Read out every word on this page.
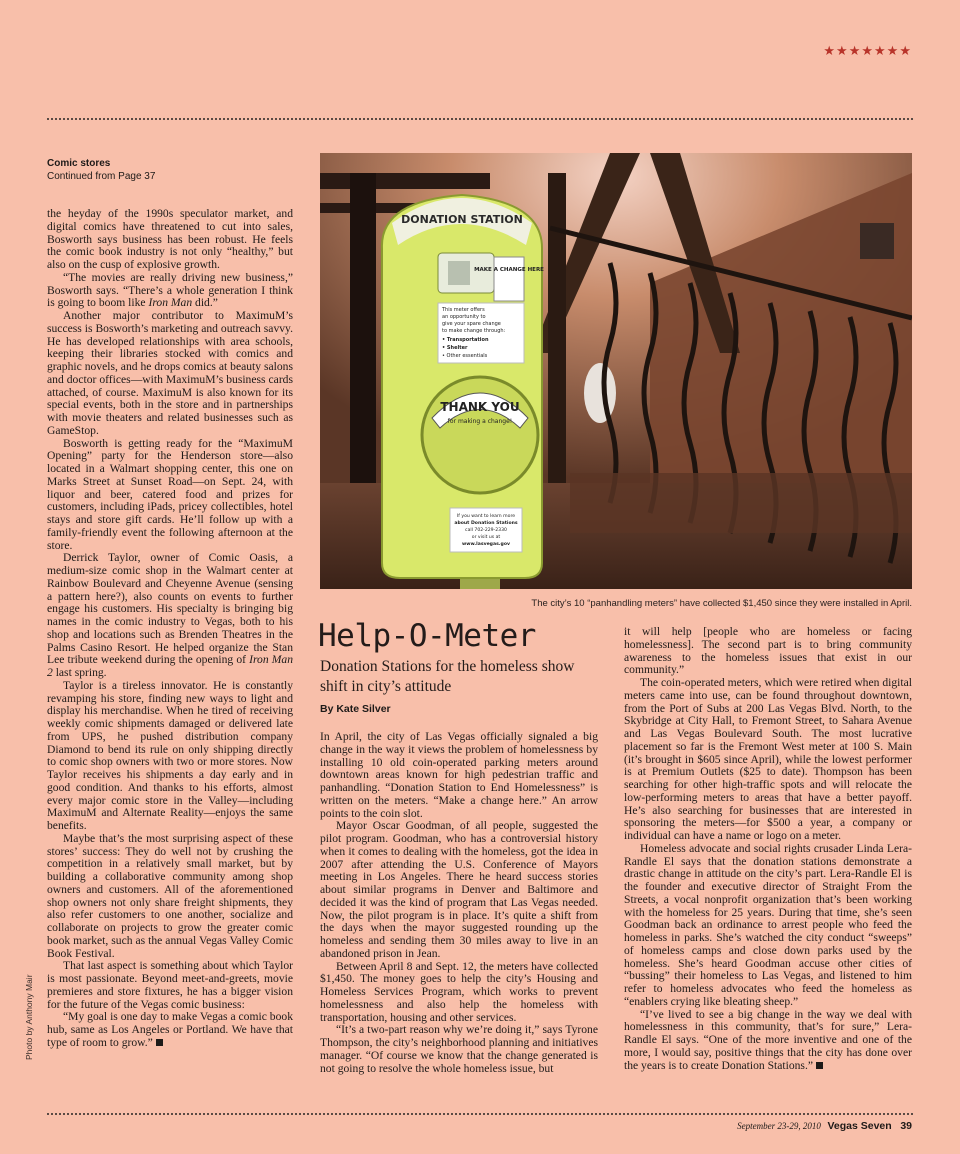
★★★★★★★
Comic stores
Continued from Page 37

the heyday of the 1990s speculator market, and digital comics have threatened to cut into sales, Bosworth says business has been robust. He feels the comic book industry is not only “healthy,” but also on the cusp of explosive growth.

“The movies are really driving new business,” Bosworth says. “There’s a whole generation I think is going to boom like Iron Man did.”

Another major contributor to MaximuM’s success is Bosworth’s marketing and outreach savvy. He has developed relationships with area schools, keeping their libraries stocked with comics and graphic novels, and he drops comics at beauty salons and doctor offices—with MaximuM’s business cards attached, of course. MaximuM is also known for its special events, both in the store and in partnerships with movie theaters and related businesses such as GameStop.

Bosworth is getting ready for the “MaximuM Opening” party for the Henderson store—also located in a Walmart shopping center, this one on Marks Street at Sunset Road—on Sept. 24, with liquor and beer, catered food and prizes for customers, including iPads, pricey collectibles, hotel stays and store gift cards. He’ll follow up with a family-friendly event the following afternoon at the store.

Derrick Taylor, owner of Comic Oasis, a medium-size comic shop in the Walmart center at Rainbow Boulevard and Cheyenne Avenue (sensing a pattern here?), also counts on events to further engage his customers. His specialty is bringing big names in the comic industry to Vegas, both to his shop and locations such as Brenden Theatres in the Palms Casino Resort. He helped organize the Stan Lee tribute weekend during the opening of Iron Man 2 last spring.

Taylor is a tireless innovator. He is constantly revamping his store, finding new ways to light and display his merchandise. When he tired of receiving weekly comic shipments damaged or delivered late from UPS, he pushed distribution company Diamond to bend its rule on only shipping directly to comic shop owners with two or more stores. Now Taylor receives his shipments a day early and in good condition. And thanks to his efforts, almost every major comic store in the Valley—including MaximuM and Alternate Reality—enjoys the same benefits.

Maybe that’s the most surprising aspect of these stores’ success: They do well not by crushing the competition in a relatively small market, but by building a collaborative community among shop owners and customers. All of the aforementioned shop owners not only share freight shipments, they also refer customers to one another, socialize and collaborate on projects to grow the greater comic book market, such as the annual Vegas Valley Comic Book Festival.

That last aspect is something about which Taylor is most passionate. Beyond meet-and-greets, movie premieres and store fixtures, he has a bigger vision for the future of the Vegas comic business:

“My goal is one day to make Vegas a comic book hub, same as Los Angeles or Portland. We have that type of room to grow.”

Photo by Anthony Mair
DONATION STATION
MAKE A CHANGE HERE
This meter offers
an opportunity to
give your spare change
to make change through:
• Transportation
• Shelter
• Other essentials
THANK YOU
for making a change!
If you want to learn more
about Donation Stations
call 702-229-2330
or visit us at
www.lasvegas.gov
The city’s 10 “panhandling meters” have collected $1,450 since they were installed in April.
Help-O-Meter
Donation Stations for the homeless show shift in city’s attitude
By Kate Silver

In April, the city of Las Vegas officially signaled a big change in the way it views the problem of homelessness by installing 10 old coin-operated parking meters around downtown areas known for high pedestrian traffic and panhandling. “Donation Station to End Homelessness” is written on the meters. “Make a change here.” An arrow points to the coin slot.

Mayor Oscar Goodman, of all people, suggested the pilot program. Goodman, who has a controversial history when it comes to dealing with the homeless, got the idea in 2007 after attending the U.S. Conference of Mayors meeting in Los Angeles. There he heard success stories about similar programs in Denver and Baltimore and decided it was the kind of program that Las Vegas needed. Now, the pilot program is in place. It’s quite a shift from the days when the mayor suggested rounding up the homeless and sending them 30 miles away to live in an abandoned prison in Jean.

Between April 8 and Sept. 12, the meters have collected $1,450. The money goes to help the city’s Housing and Homeless Services Program, which works to prevent homelessness and also help the homeless with transportation, housing and other services.

“It’s a two-part reason why we’re doing it,” says Tyrone Thompson, the city’s neighborhood planning and initiatives manager. “Of course we know that the change generated is not going to resolve the whole homeless issue, but

it will help [people who are homeless or facing homelessness]. The second part is to bring community awareness to the homeless issues that exist in our community.”

The coin-operated meters, which were retired when digital meters came into use, can be found throughout downtown, from the Port of Subs at 200 Las Vegas Blvd. North, to the Skybridge at City Hall, to Fremont Street, to Sahara Avenue and Las Vegas Boulevard South. The most lucrative placement so far is the Fremont West meter at 100 S. Main (it’s brought in $605 since April), while the lowest performer is at Premium Outlets ($25 to date). Thompson has been searching for other high-traffic spots and will relocate the low-performing meters to areas that have a better payoff. He’s also searching for businesses that are interested in sponsoring the meters—for $500 a year, a company or individual can have a name or logo on a meter.

Homeless advocate and social rights crusader Linda Lera-Randle El says that the donation stations demonstrate a drastic change in attitude on the city’s part. Lera-Randle El is the founder and executive director of Straight From the Streets, a vocal nonprofit organization that’s been working with the homeless for 25 years. During that time, she’s seen Goodman back an ordinance to arrest people who feed the homeless in parks. She’s watched the city conduct “sweeps” of homeless camps and close down parks used by the homeless. She’s heard Goodman accuse other cities of “bussing” their homeless to Las Vegas, and listened to him refer to homeless advocates who feed the homeless as “enablers crying like bleating sheep.”

“I’ve lived to see a big change in the way we deal with homelessness in this community, that’s for sure,” Lera-Randle El says. “One of the more inventive and one of the more, I would say, positive things that the city has done over the years is to create Donation Stations.”

September 23-29, 2010 Vegas Seven 39
